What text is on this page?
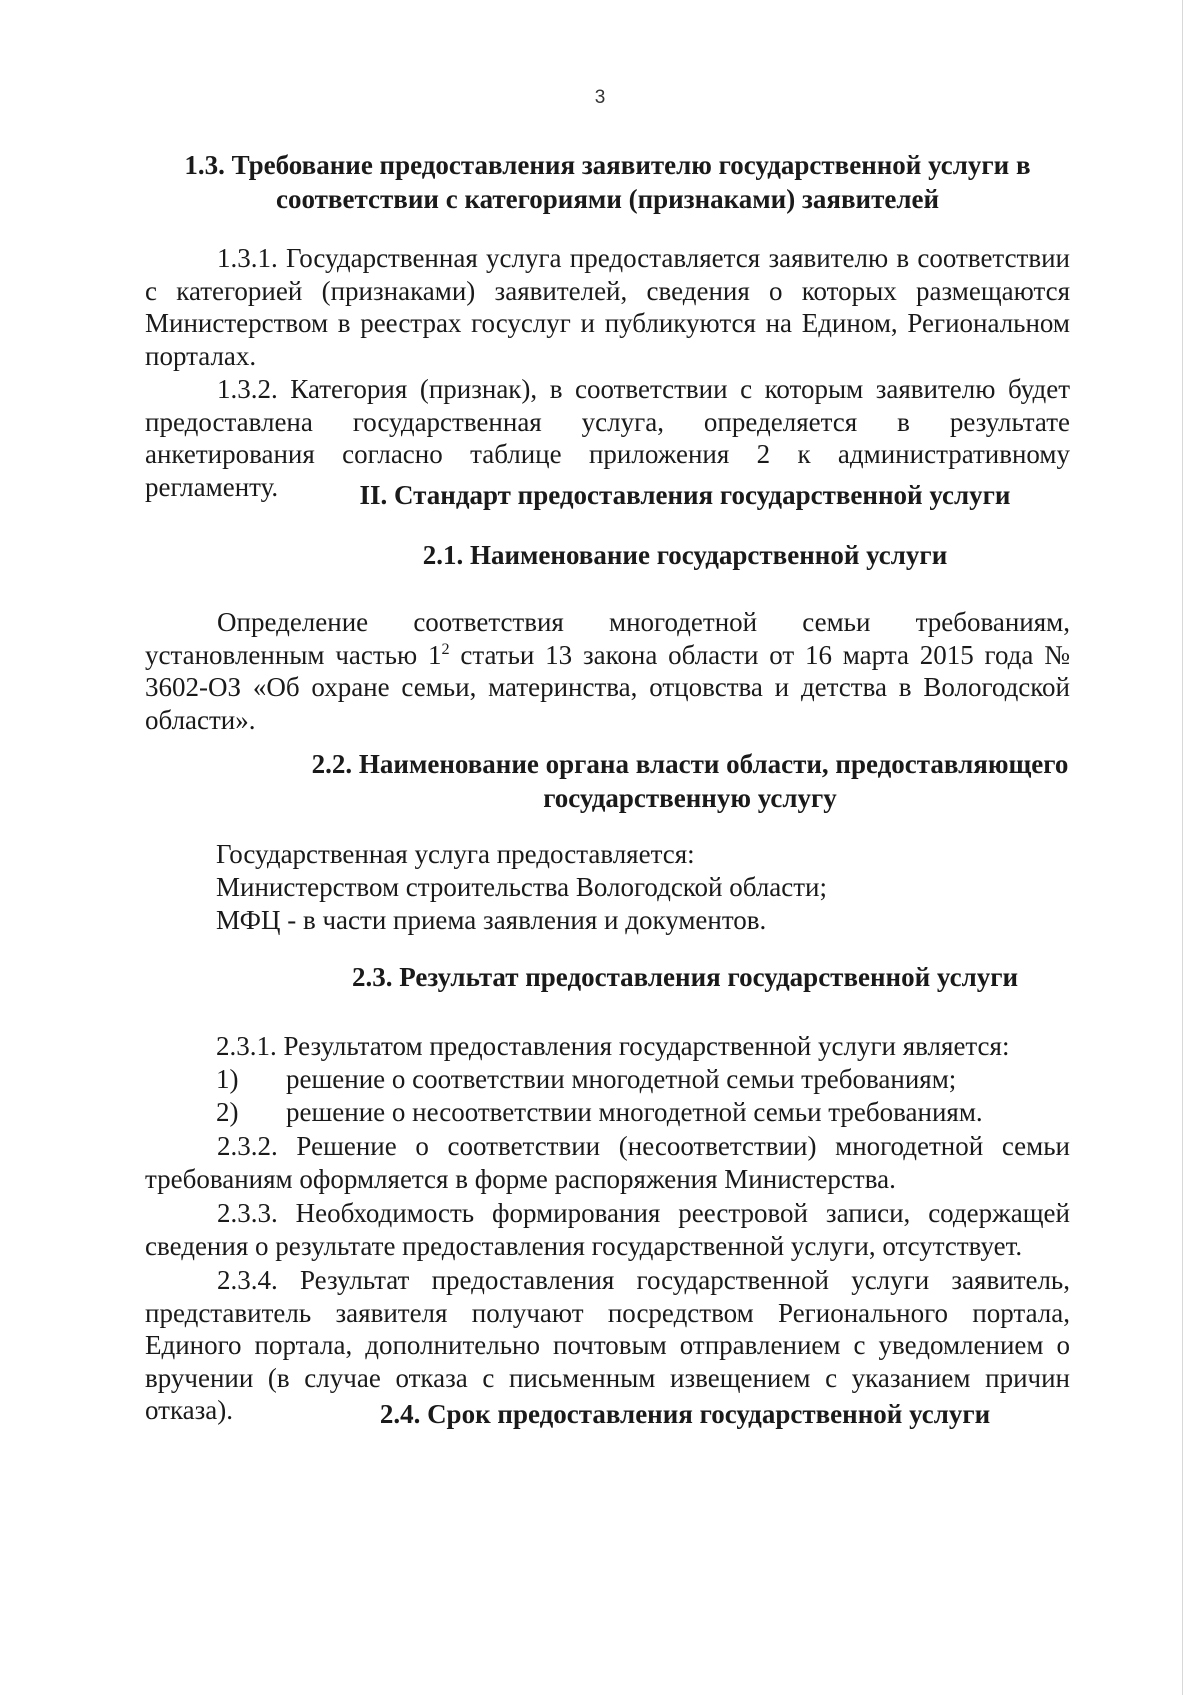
3
1.3. Требование предоставления заявителю государственной услуги в соответствии с категориями (признаками) заявителей
1.3.1. Государственная услуга предоставляется заявителю в соответствии с категорией (признаками) заявителей, сведения о которых размещаются Министерством в реестрах госуслуг и публикуются на Едином, Региональном порталах.
1.3.2. Категория (признак), в соответствии с которым заявителю будет предоставлена государственная услуга, определяется в результате анкетирования согласно таблице приложения 2 к административному регламенту.	II. Стандарт предоставления государственной услуги
2.1. Наименование государственной услуги
Определение соответствия многодетной семьи требованиям, установленным частью $1^2$ статьи 13 закона области от 16 марта 2015 года № 3602-ОЗ «Об охране семьи, материнства, отцовства и детства в Вологодской области».
2.2. Наименование органа власти области, предоставляющего государственную услугу
Государственная услуга предоставляется:
Министерством строительства Вологодской области;
МФЦ - в части приема заявления и документов.
2.3. Результат предоставления государственной услуги
2.3.1. Результатом предоставления государственной услуги является:
1) решение о соответствии многодетной семьи требованиям;
2) решение о несоответствии многодетной семьи требованиям.
2.3.2. Решение о соответствии (несоответствии) многодетной семьи требованиям оформляется в форме распоряжения Министерства.
2.3.3. Необходимость формирования реестровой записи, содержащей сведения о результате предоставления государственной услуги, отсутствует.
2.3.4. Результат предоставления государственной услуги заявитель, представитель заявителя получают посредством Регионального портала, Единого портала, дополнительно почтовым отправлением с уведомлением о вручении (в случае отказа с письменным извещением с указанием причин отказа).	2.4. Срок предоставления государственной услуги
